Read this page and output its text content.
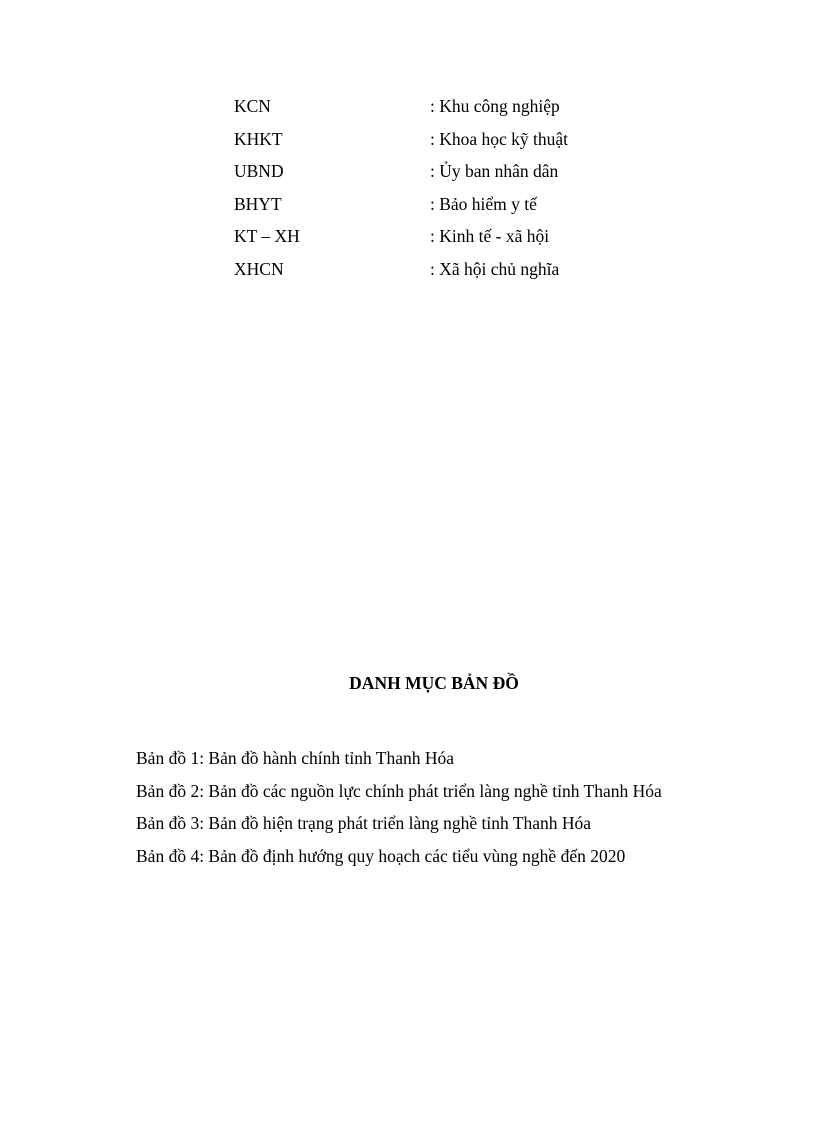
KCN	: Khu công nghiệp
KHKT	: Khoa học kỹ thuật
UBND	: Ủy ban nhân dân
BHYT	: Bảo hiểm y tế
KT – XH	: Kinh tế - xã hội
XHCN	: Xã hội chủ nghĩa
DANH MỤC BẢN ĐỒ
Bản đồ 1: Bản đồ hành chính tỉnh Thanh Hóa
Bản đồ 2: Bản đồ các nguồn lực chính phát triển làng nghề tỉnh Thanh Hóa
Bản đồ 3: Bản đồ hiện trạng phát triển làng nghề tỉnh Thanh Hóa
Bản đồ 4: Bản đồ định hướng quy hoạch các tiểu vùng nghề đến 2020
